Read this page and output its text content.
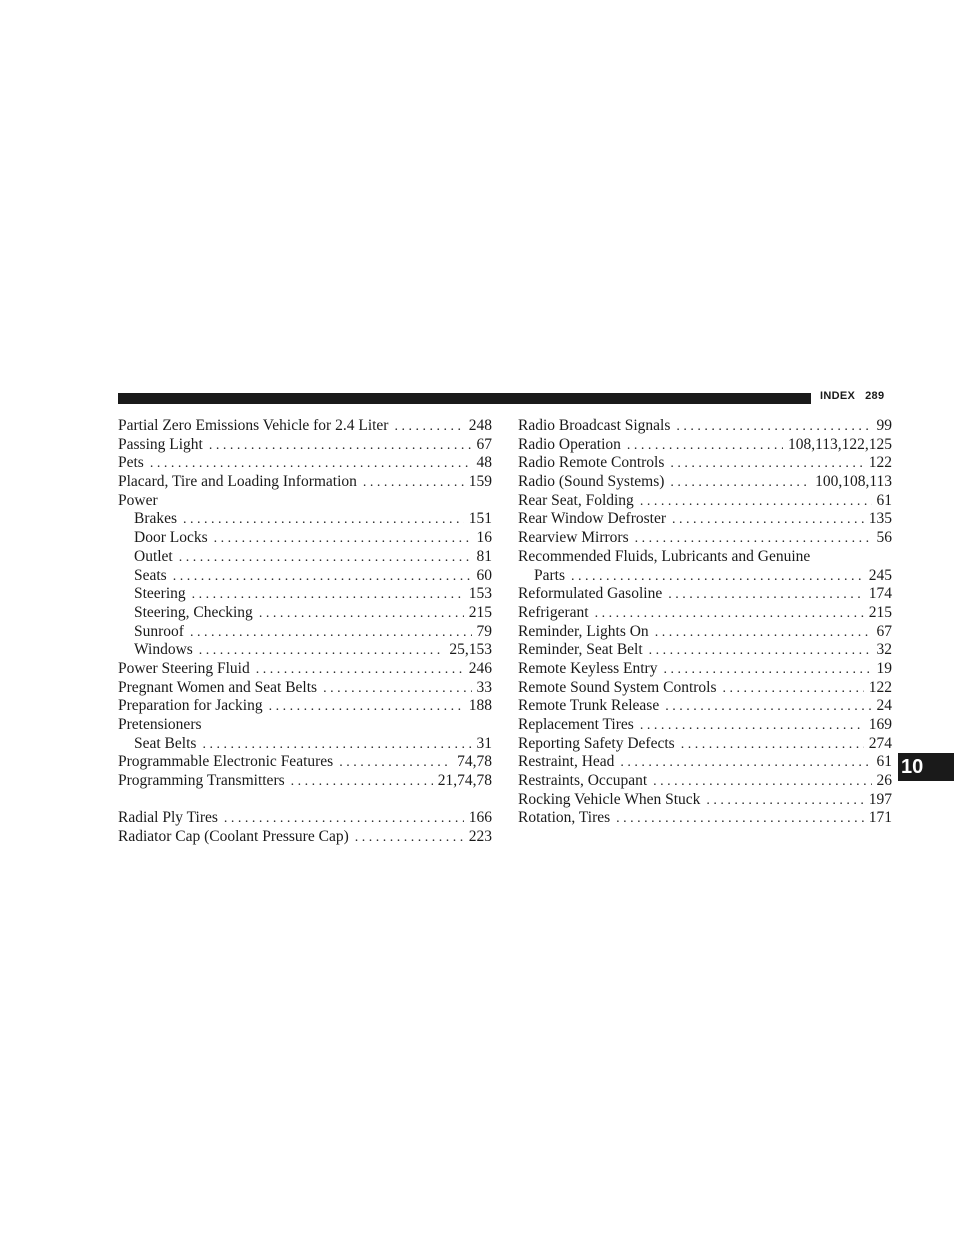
INDEX 289
Partial Zero Emissions Vehicle for 2.4 Liter . . .	248
Passing Light . . .	67
Pets . . .	48
Placard, Tire and Loading Information . . .	159
Power
Brakes . . .	151
Door Locks . . .	16
Outlet . . .	81
Seats . . .	60
Steering . . .	153
Steering, Checking . . .	215
Sunroof . . .	79
Windows . . .	25,153
Power Steering Fluid . . .	246
Pregnant Women and Seat Belts . . .	33
Preparation for Jacking . . .	188
Pretensioners
Seat Belts . . .	31
Programmable Electronic Features . . .	74,78
Programming Transmitters . . .	21,74,78
Radial Ply Tires . . .	166
Radiator Cap (Coolant Pressure Cap) . . .	223
Radio Broadcast Signals . . .	99
Radio Operation . . .	108,113,122,125
Radio Remote Controls . . .	122
Radio (Sound Systems) . . .	100,108,113
Rear Seat, Folding . . .	61
Rear Window Defroster . . .	135
Rearview Mirrors . . .	56
Recommended Fluids, Lubricants and Genuine
Parts . . .	245
Reformulated Gasoline . . .	174
Refrigerant . . .	215
Reminder, Lights On . . .	67
Reminder, Seat Belt . . .	32
Remote Keyless Entry . . .	19
Remote Sound System Controls . . .	122
Remote Trunk Release . . .	24
Replacement Tires . . .	169
Reporting Safety Defects . . .	274
Restraint, Head . . .	61
Restraints, Occupant . . .	26
Rocking Vehicle When Stuck . . .	197
Rotation, Tires . . .	171
10
